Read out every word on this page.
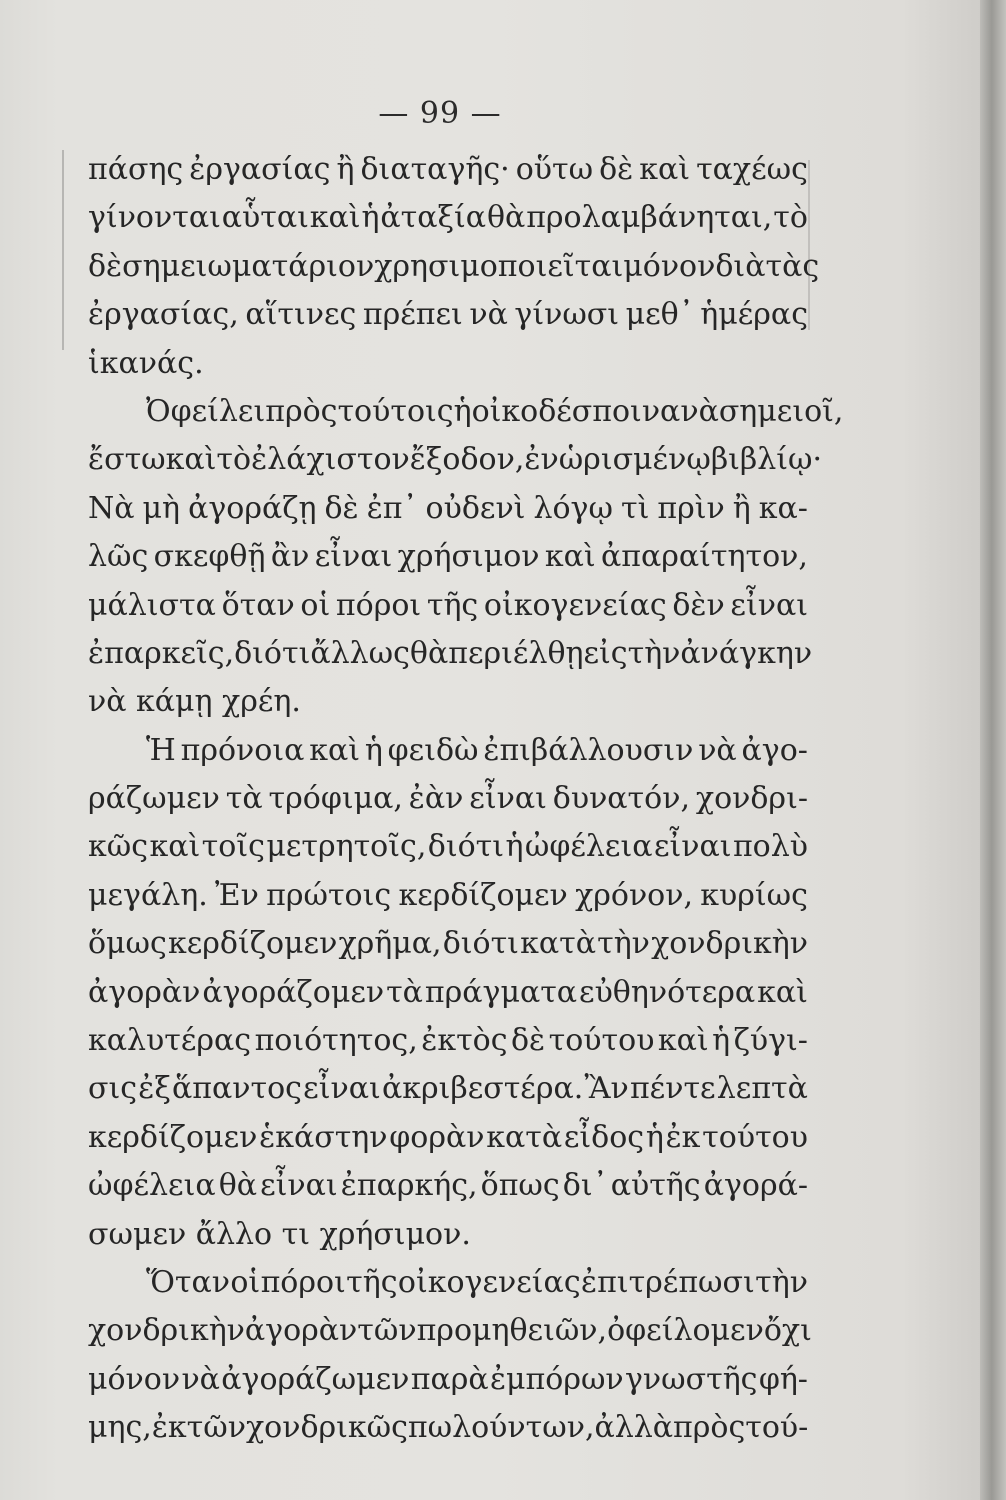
— 99 —
πάσης ἐργασίας ἢ διαταγῆς· οὕτω δὲ καὶ ταχέως
γίνονται αὗται καὶ ἡ ἀταξία θὰ προλαμβάνηται, τὸ
δὲ σημειωματάριον χρησιμοποιεῖται μόνον διὰ τὰς
ἐργασίας, αἵτινες πρέπει νὰ γίνωσι μεθ᾿ ἡμέρας
ἱκανάς.
Ὀφείλει πρὸς τούτοις ἡ οἰκοδέσποινα νὰ σημειοῖ,
ἔστω καὶ τὸ ἐλάχιστον ἔξοδον, ἐν ὡρισμένῳ βιβλίῳ·
Νὰ μὴ ἀγοράζῃ δὲ ἐπ᾿ οὐδενὶ λόγῳ τὶ πρὶν ἢ κα-
λῶς σκεφθῇ ἂν εἶναι χρήσιμον καὶ ἀπαραίτητον,
μάλιστα ὅταν οἱ πόροι τῆς οἰκογενείας δὲν εἶναι
ἐπαρκεῖς, διότι ἄλλως θὰ περιέλθῃ εἰς τὴν ἀνάγκην
νὰ κάμῃ χρέη.
Ἡ πρόνοια καὶ ἡ φειδὼ ἐπιβάλλουσιν νὰ ἀγο-
ράζωμεν τὰ τρόφιμα, ἐὰν εἶναι δυνατόν, χονδρι-
κῶς καὶ τοῖς μετρητοῖς, διότι ἡ ὠφέλεια εἶναι πολὺ
μεγάλη. Ἐν πρώτοις κερδίζομεν χρόνον, κυρίως
ὅμως κερδίζομεν χρῆμα, διότι κατὰ τὴν χονδρικὴν
ἀγορὰν ἀγοράζομεν τὰ πράγματα εὐθηνότερα καὶ
καλυτέρας ποιότητος, ἐκτὸς δὲ τούτου καὶ ἡ ζύγι-
σις ἐξ ἅπαντος εἶναι ἀκριβεστέρα. Ἂν πέντε λεπτὰ
κερδίζομεν ἑκάστην φορὰν κατὰ εἶδος ἡ ἐκ τούτου
ὠφέλεια θὰ εἶναι ἐπαρκής, ὅπως δι᾿ αὐτῆς ἀγορά-
σωμεν ἄλλο τι χρήσιμον.
Ὅταν οἱ πόροι τῆς οἰκογενείας ἐπιτρέπωσι τὴν
χονδρικὴν ἀγορὰν τῶν προμηθειῶν, ὀφείλομεν ὄχι
μόνον νὰ ἀγοράζωμεν παρὰ ἐμπόρων γνωστῆς φή-
μης, ἐκ τῶν χονδρικῶς πωλούντων, ἀλλὰ πρὸς τού-
